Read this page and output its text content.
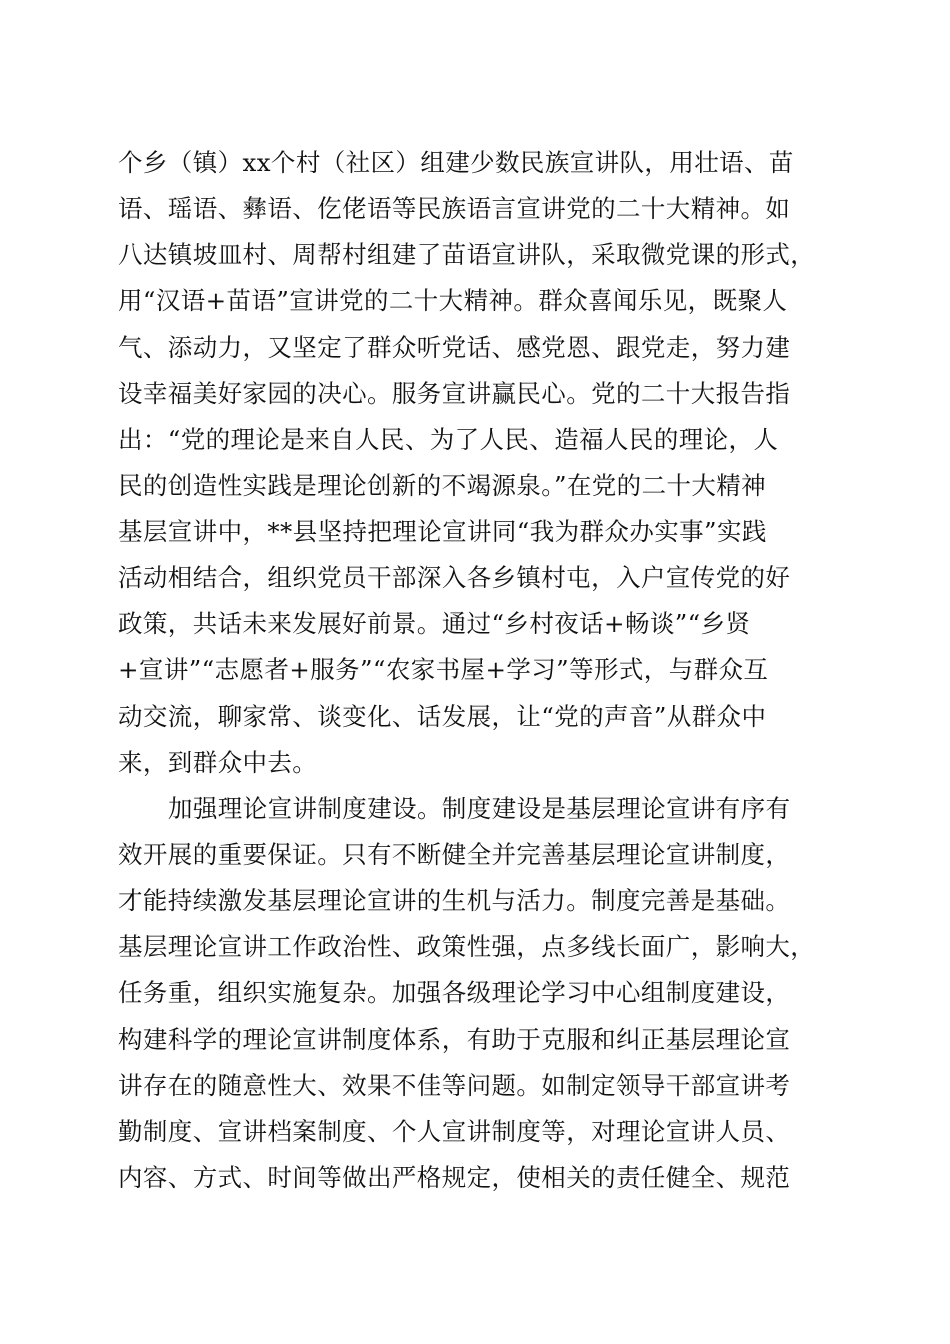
个乡（镇）xx个村（社区）组建少数民族宣讲队，用壮语、苗
语、瑶语、彝语、仡佬语等民族语言宣讲党的二十大精神。如
八达镇坡皿村、周帮村组建了苗语宣讲队，采取微党课的形式，
用“汉语+苗语”宣讲党的二十大精神。群众喜闻乐见，既聚人
气、添动力，又坚定了群众听党话、感党恩、跟党走，努力建
设幸福美好家园的决心。服务宣讲赢民心。党的二十大报告指
出：“党的理论是来自人民、为了人民、造福人民的理论，人
民的创造性实践是理论创新的不竭源泉。”在党的二十大精神
基层宣讲中，**县坚持把理论宣讲同“我为群众办实事”实践
活动相结合，组织党员干部深入各乡镇村屯，入户宣传党的好
政策，共话未来发展好前景。通过“乡村夜话+畅谈”“乡贤
+宣讲”“志愿者+服务”“农家书屋+学习”等形式，与群众互
动交流，聊家常、谈变化、话发展，让“党的声音”从群众中
来，到群众中去。
加强理论宣讲制度建设。制度建设是基层理论宣讲有序有
效开展的重要保证。只有不断健全并完善基层理论宣讲制度，
才能持续激发基层理论宣讲的生机与活力。制度完善是基础。
基层理论宣讲工作政治性、政策性强，点多线长面广，影响大，
任务重，组织实施复杂。加强各级理论学习中心组制度建设，
构建科学的理论宣讲制度体系，有助于克服和纠正基层理论宣
讲存在的随意性大、效果不佳等问题。如制定领导干部宣讲考
勤制度、宣讲档案制度、个人宣讲制度等，对理论宣讲人员、
内容、方式、时间等做出严格规定，使相关的责任健全、规范
